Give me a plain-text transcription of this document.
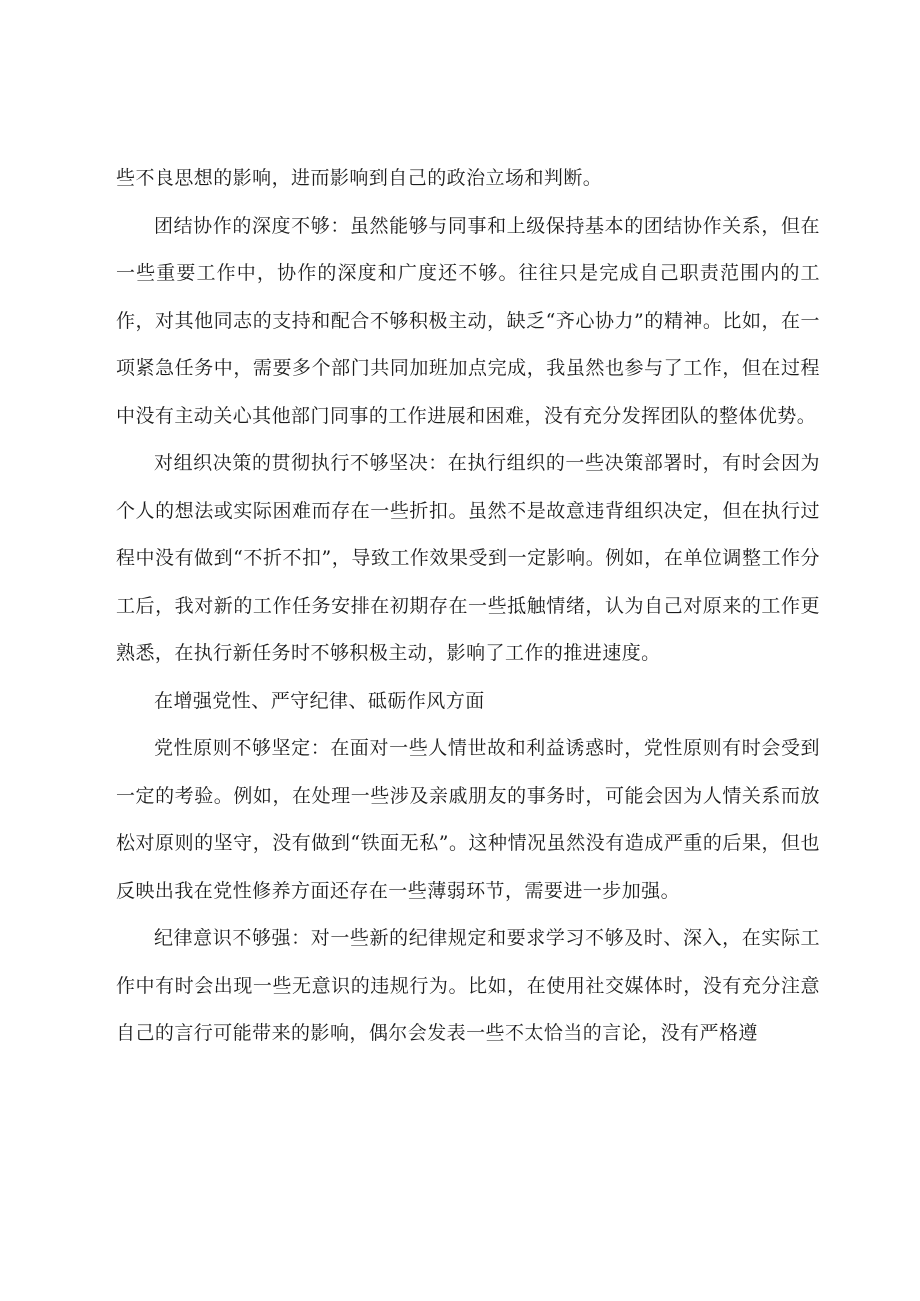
些不良思想的影响，进而影响到自己的政治立场和判断。

团结协作的深度不够：虽然能够与同事和上级保持基本的团结协作关系，但在一些重要工作中，协作的深度和广度还不够。往往只是完成自己职责范围内的工作，对其他同志的支持和配合不够积极主动，缺乏“齐心协力”的精神。比如，在一项紧急任务中，需要多个部门共同加班加点完成，我虽然也参与了工作，但在过程中没有主动关心其他部门同事的工作进展和困难，没有充分发挥团队的整体优势。

对组织决策的贯彻执行不够坚决：在执行组织的一些决策部署时，有时会因为个人的想法或实际困难而存在一些折扣。虽然不是故意违背组织决定，但在执行过程中没有做到“不折不扣”，导致工作效果受到一定影响。例如，在单位调整工作分工后，我对新的工作任务安排在初期存在一些抵触情绪，认为自己对原来的工作更熟悉，在执行新任务时不够积极主动，影响了工作的推进速度。

在增强党性、严守纪律、砥砺作风方面

党性原则不够坚定：在面对一些人情世故和利益诱惑时，党性原则有时会受到一定的考验。例如，在处理一些涉及亲戚朋友的事务时，可能会因为人情关系而放松对原则的坚守，没有做到“铁面无私”。这种情况虽然没有造成严重的后果，但也反映出我在党性修养方面还存在一些薄弱环节，需要进一步加强。

纪律意识不够强：对一些新的纪律规定和要求学习不够及时、深入，在实际工作中有时会出现一些无意识的违规行为。比如，在使用社交媒体时，没有充分注意自己的言行可能带来的影响，偶尔会发表一些不太恰当的言论，没有严格遵
